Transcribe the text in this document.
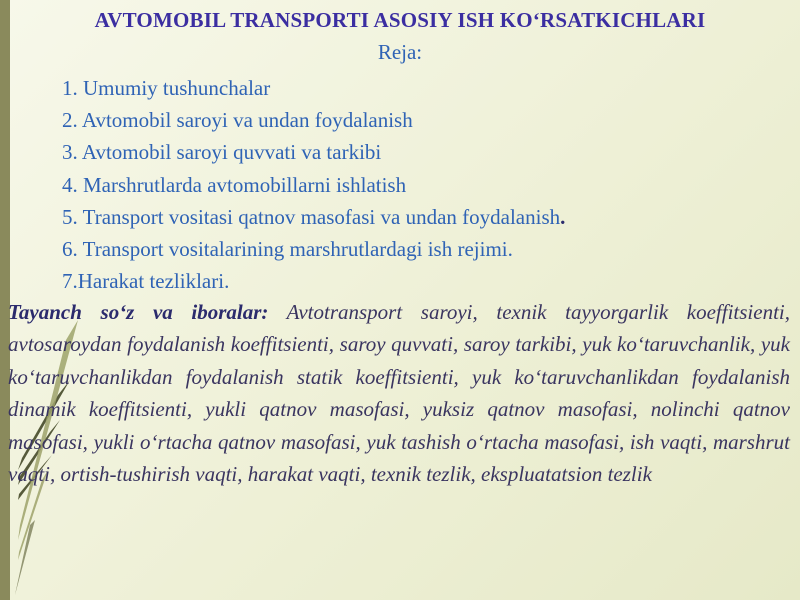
AVTOMOBIL TRANSPORTI ASOSIY ISH KO‘RSATKICHLARI
Reja:
1. Umumiy tushunchalar
2. Avtomobil saroyi va undan foydalanish
3. Avtomobil saroyi quvvati va tarkibi
4. Marshrutlarda avtomobillarni ishlatish
5. Transport vositasi qatnov masofasi va undan foydalanish.
6. Transport vositalarining marshrutlardagi ish rejimi.
7.Harakat tezliklari.

Tayanch so‘z va iboralar: Avtotransport saroyi, texnik tayyorgarlik koeffitsienti, avtosaroydan foydalanish koeffitsienti, saroy quvvati, saroy tarkibi, yuk ko‘taruvchanlik, yuk ko‘taruvchanlikdan foydalanish statik koeffitsienti, yuk ko‘taruvchanlikdan foydalanish dinamik koeffitsienti, yukli qatnov masofasi, yuksiz qatnov masofasi, nolinchi qatnov masofasi, yukli o‘rtacha qatnov masofasi, yuk tashish o‘rtacha masofasi, ish vaqti, marshrut vaqti, ortish-tushirish vaqti, harakat vaqti, texnik tezlik, ekspluatatsion tezlik
